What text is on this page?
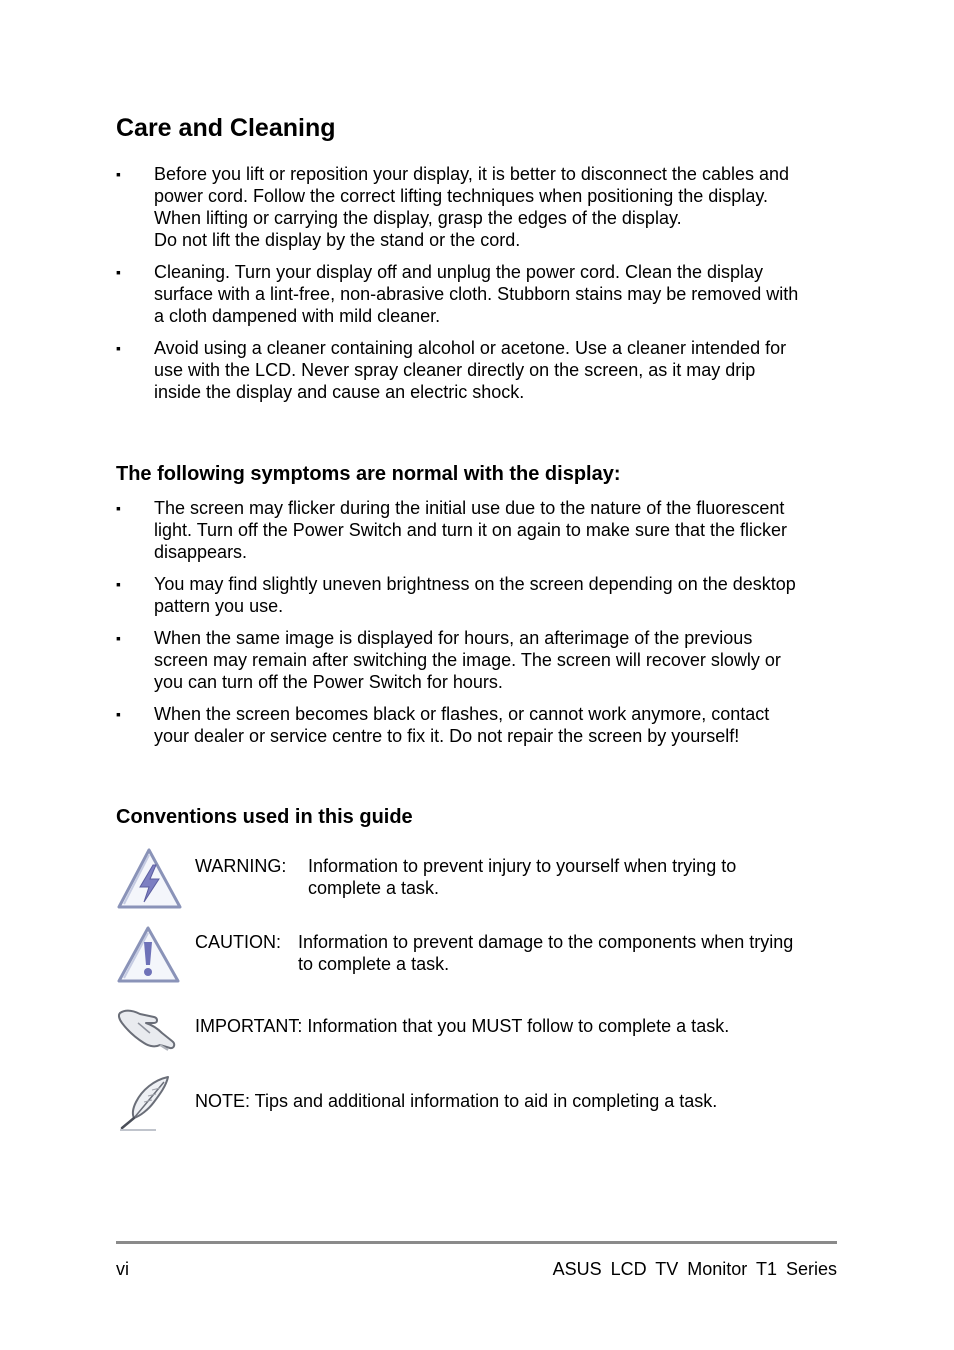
Care and Cleaning
▪ Before you lift or reposition your display, it is better to disconnect the cables and
power cord. Follow the correct lifting techniques when positioning the display.
When lifting or carrying the display, grasp the edges of the display.
Do not lift the display by the stand or the cord.
▪ Cleaning. Turn your display off and unplug the power cord. Clean the display
surface with a lint-free, non-abrasive cloth. Stubborn stains may be removed with
a cloth dampened with mild cleaner.
▪ Avoid using a cleaner containing alcohol or acetone. Use a cleaner intended for
use with the LCD. Never spray cleaner directly on the screen, as it may drip
inside the display and cause an electric shock.
The following symptoms are normal with the display:
▪ The screen may flicker during the initial use due to the nature of the fluorescent
light. Turn off the Power Switch and turn it on again to make sure that the flicker
disappears.
▪ You may find slightly uneven brightness on the screen depending on the desktop
pattern you use.
▪ When the same image is displayed for hours, an afterimage of the previous
screen may remain after switching the image. The screen will recover slowly or
you can turn off the Power Switch for hours.
▪ When the screen becomes black or flashes, or cannot work anymore, contact
your dealer or service centre to fix it. Do not repair the screen by yourself!
Conventions used in this guide
WARNING: Information to prevent injury to yourself when trying to
complete a task.
CAUTION: Information to prevent damage to the components when trying
to complete a task.
IMPORTANT: Information that you MUST follow to complete a task.
NOTE: Tips and additional information to aid in completing a task.
vi	ASUS LCD TV Monitor T1 Series
